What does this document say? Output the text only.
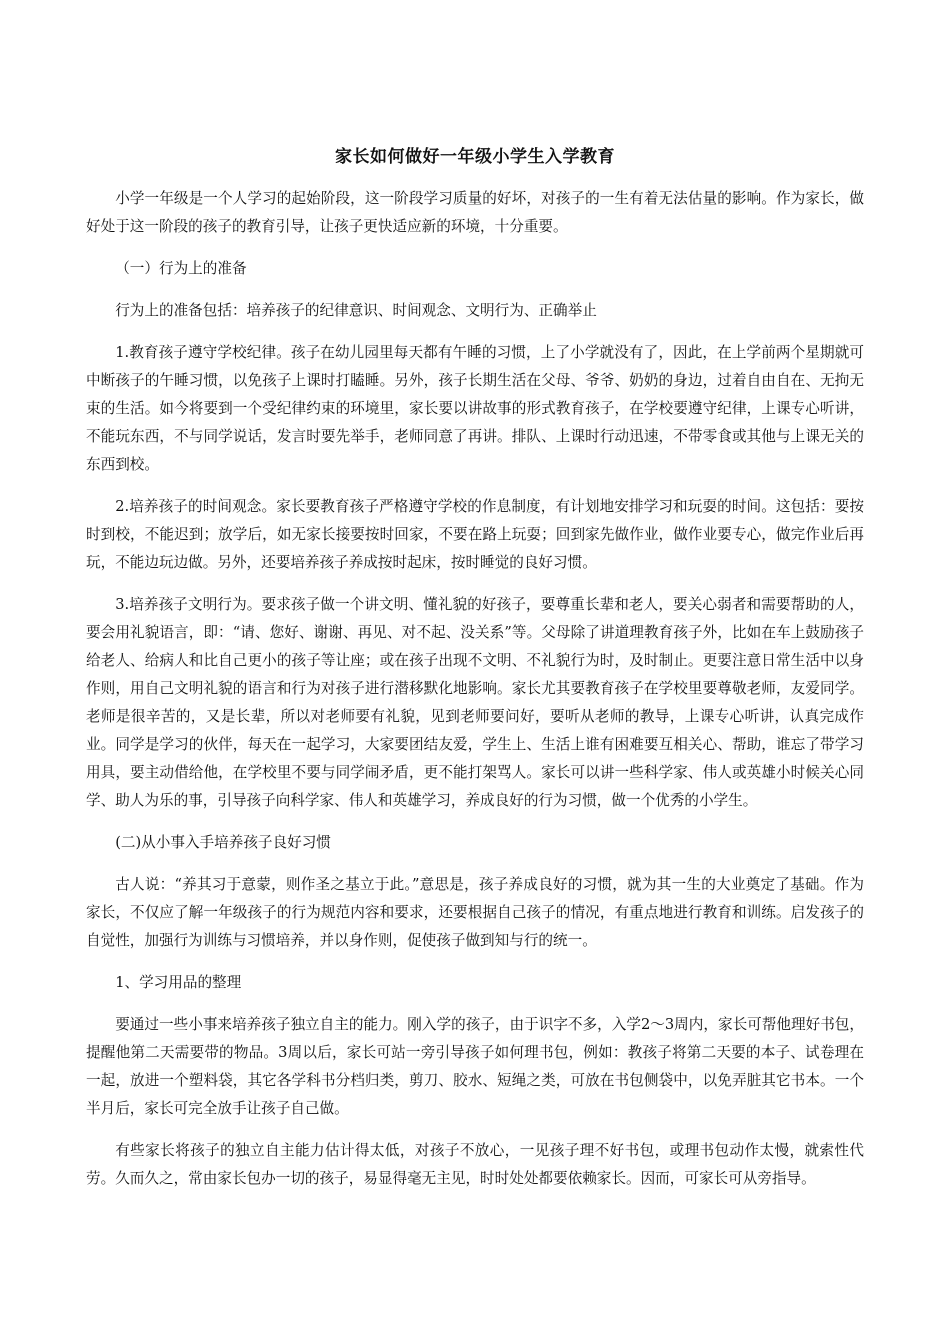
家长如何做好一年级小学生入学教育

小学一年级是一个人学习的起始阶段，这一阶段学习质量的好坏，对孩子的一生有着无法估量的影响。作为家长，做好处于这一阶段的孩子的教育引导，让孩子更快适应新的环境，十分重要。

（一）行为上的准备

行为上的准备包括：培养孩子的纪律意识、时间观念、文明行为、正确举止

1.教育孩子遵守学校纪律。孩子在幼儿园里每天都有午睡的习惯，上了小学就没有了，因此，在上学前两个星期就可中断孩子的午睡习惯，以免孩子上课时打瞌睡。另外，孩子长期生活在父母、爷爷、奶奶的身边，过着自由自在、无拘无束的生活。如今将要到一个受纪律约束的环境里，家长要以讲故事的形式教育孩子，在学校要遵守纪律，上课专心听讲，不能玩东西，不与同学说话，发言时要先举手，老师同意了再讲。排队、上课时行动迅速，不带零食或其他与上课无关的东西到校。

2.培养孩子的时间观念。家长要教育孩子严格遵守学校的作息制度，有计划地安排学习和玩耍的时间。这包括：要按时到校，不能迟到；放学后，如无家长接要按时回家，不要在路上玩耍；回到家先做作业，做作业要专心，做完作业后再玩，不能边玩边做。另外，还要培养孩子养成按时起床，按时睡觉的良好习惯。

3.培养孩子文明行为。要求孩子做一个讲文明、懂礼貌的好孩子，要尊重长辈和老人，要关心弱者和需要帮助的人，要会用礼貌语言，即：“请、您好、谢谢、再见、对不起、没关系”等。父母除了讲道理教育孩子外，比如在车上鼓励孩子给老人、给病人和比自己更小的孩子等让座；或在孩子出现不文明、不礼貌行为时，及时制止。更要注意日常生活中以身作则，用自己文明礼貌的语言和行为对孩子进行潜移默化地影响。家长尤其要教育孩子在学校里要尊敬老师，友爱同学。老师是很辛苦的，又是长辈，所以对老师要有礼貌，见到老师要问好，要听从老师的教导，上课专心听讲，认真完成作业。同学是学习的伙伴，每天在一起学习，大家要团结友爱，学生上、生活上谁有困难要互相关心、帮助，谁忘了带学习用具，要主动借给他，在学校里不要与同学闹矛盾，更不能打架骂人。家长可以讲一些科学家、伟人或英雄小时候关心同学、助人为乐的事，引导孩子向科学家、伟人和英雄学习，养成良好的行为习惯，做一个优秀的小学生。

(二)从小事入手培养孩子良好习惯

古人说：“养其习于意蒙，则作圣之基立于此。”意思是，孩子养成良好的习惯，就为其一生的大业奠定了基础。作为家长，不仅应了解一年级孩子的行为规范内容和要求，还要根据自己孩子的情况，有重点地进行教育和训练。启发孩子的自觉性，加强行为训练与习惯培养，并以身作则，促使孩子做到知与行的统一。

1、学习用品的整理

要通过一些小事来培养孩子独立自主的能力。刚入学的孩子，由于识字不多，入学2～3周内，家长可帮他理好书包，提醒他第二天需要带的物品。3周以后，家长可站一旁引导孩子如何理书包，例如：教孩子将第二天要的本子、试卷理在一起，放进一个塑料袋，其它各学科书分档归类，剪刀、胶水、短绳之类，可放在书包侧袋中，以免弄脏其它书本。一个半月后，家长可完全放手让孩子自己做。

有些家长将孩子的独立自主能力估计得太低，对孩子不放心，一见孩子理不好书包，或理书包动作太慢，就索性代劳。久而久之，常由家长包办一切的孩子，易显得毫无主见，时时处处都要依赖家长。因而，可家长可从旁指导。
